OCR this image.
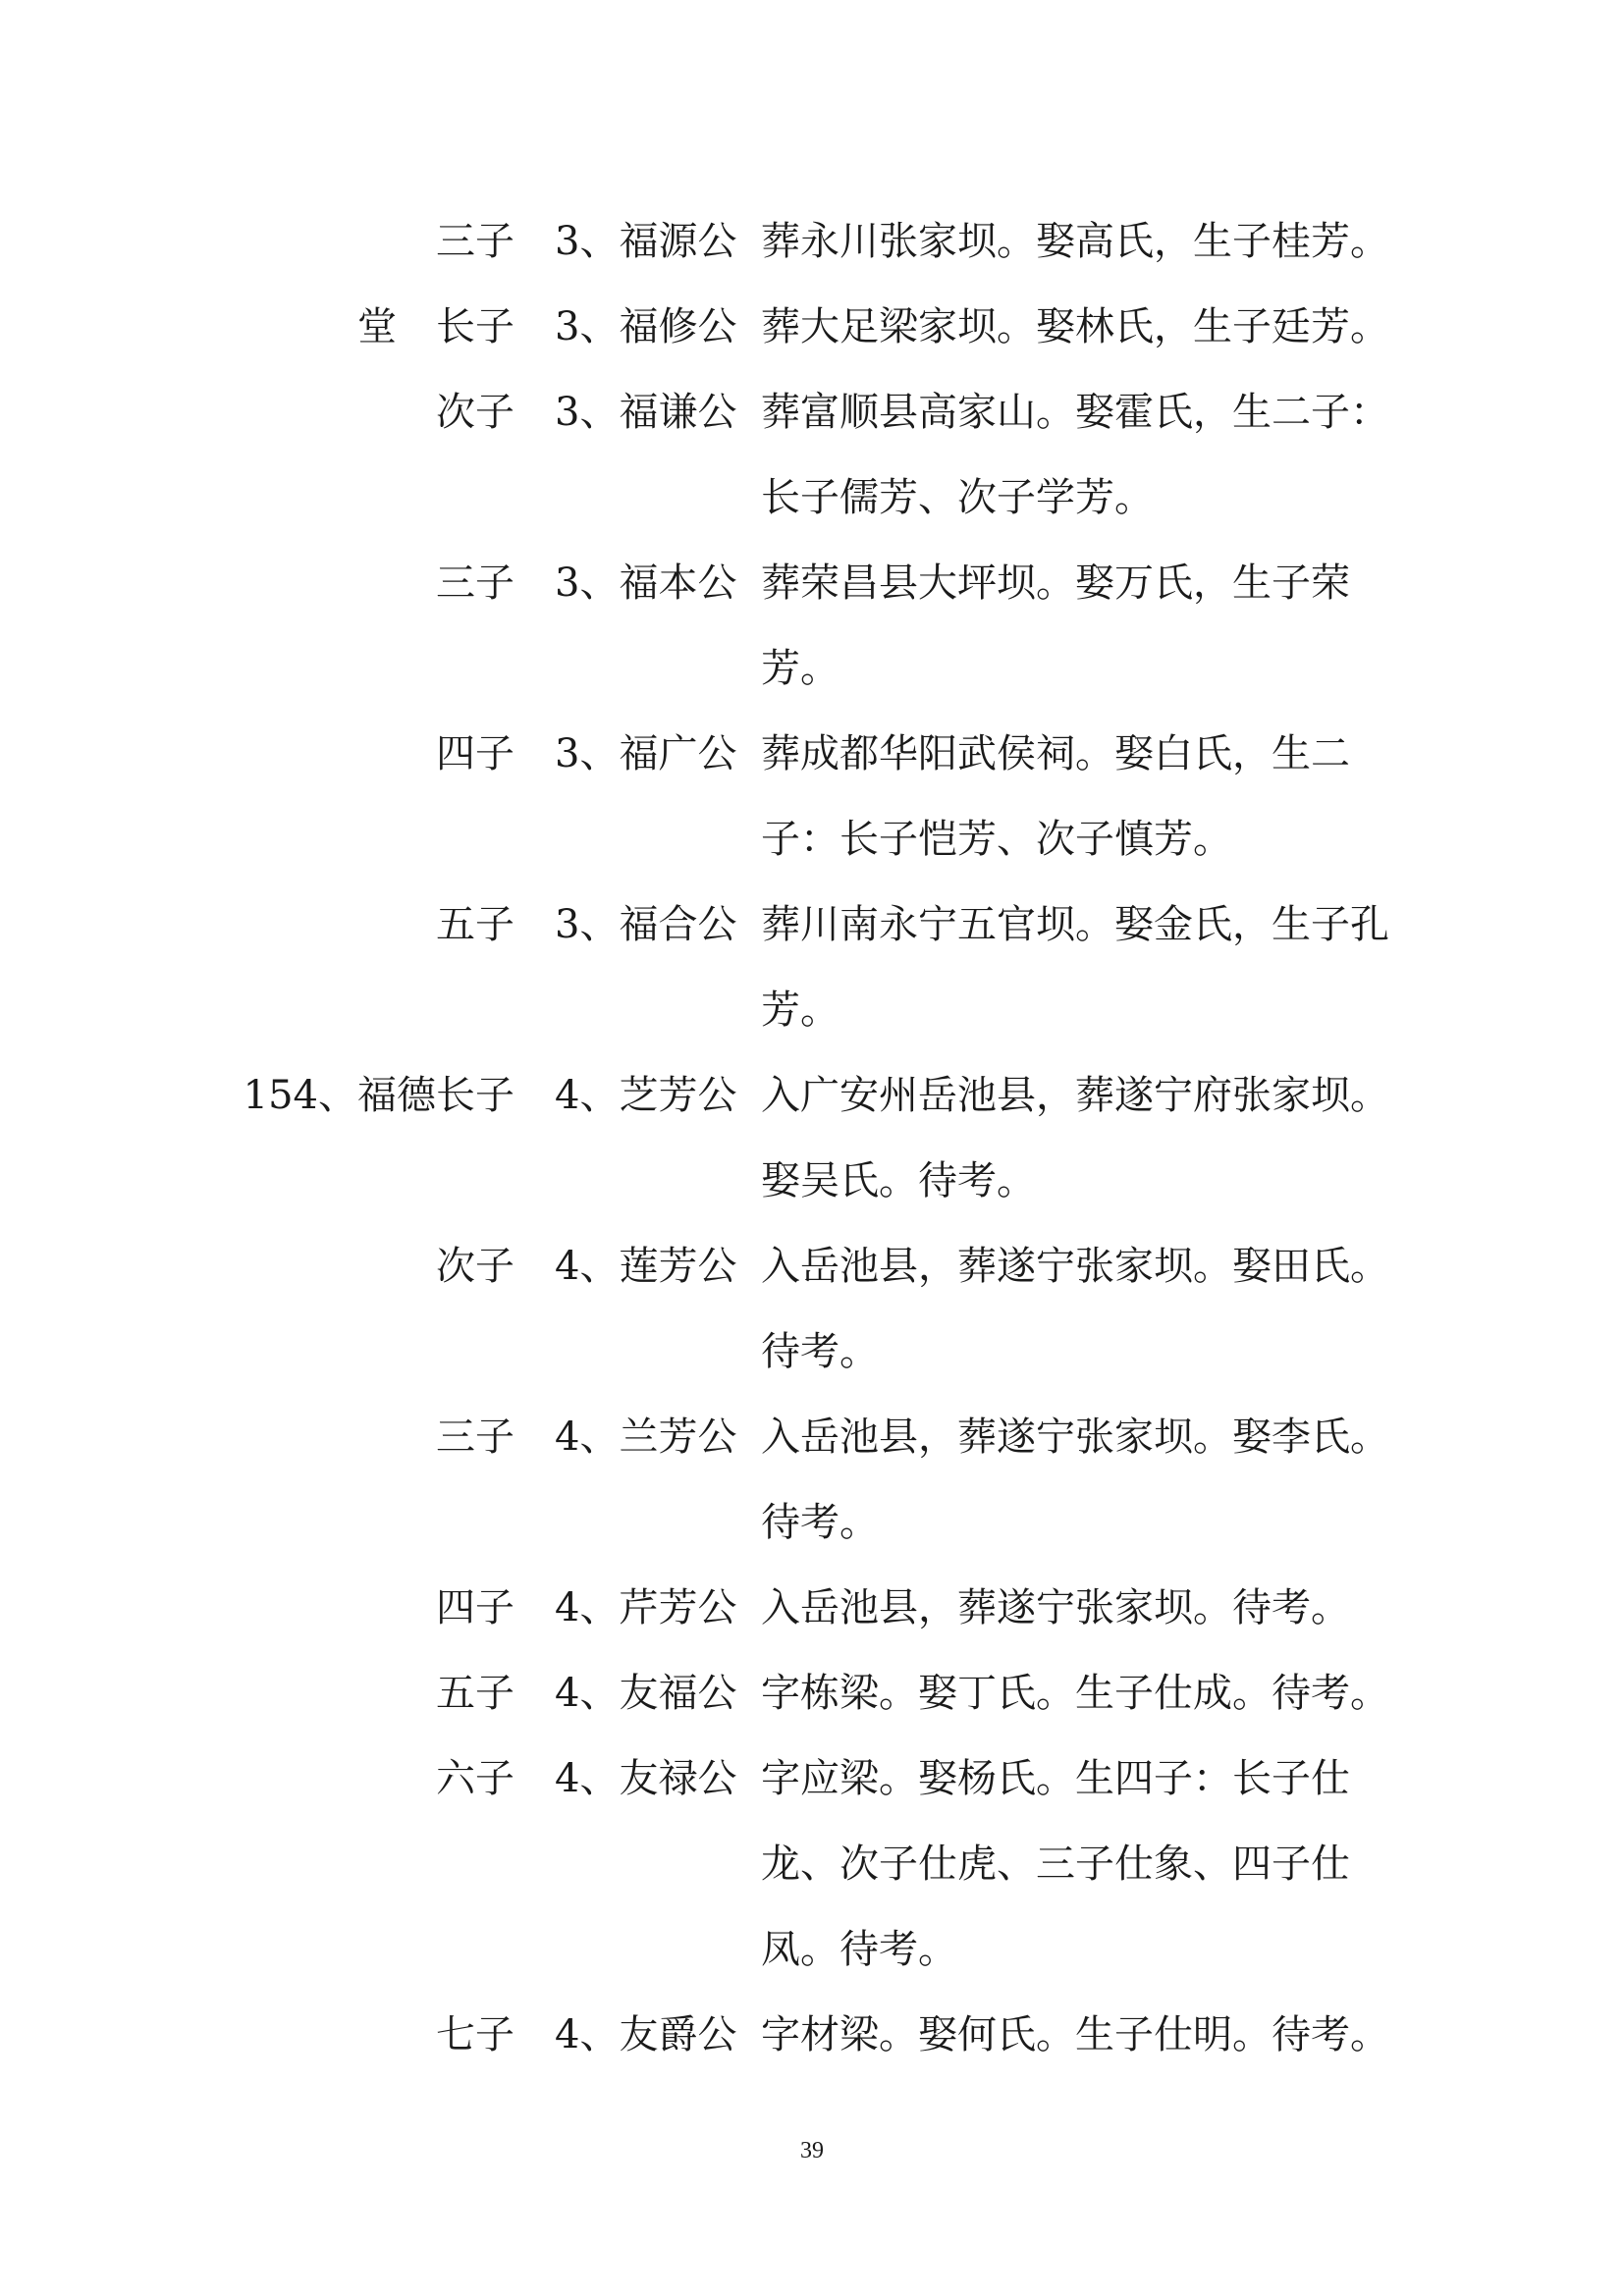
三子 3、福源公 葬永川张家坝。娶高氏，生子桂芳。
堂　长子 3、福修公 葬大足梁家坝。娶林氏，生子廷芳。
次子 3、福谦公 葬富顺县高家山。娶霍氏，生二子：长子儒芳、次子学芳。
三子 3、福本公 葬荣昌县大坪坝。娶万氏，生子荣芳。
四子 3、福广公 葬成都华阳武侯祠。娶白氏，生二子：长子恺芳、次子慎芳。
五子 3、福合公 葬川南永宁五官坝。娶金氏，生子孔芳。
154、福德长子 4、芝芳公 入广安州岳池县，葬遂宁府张家坝。娶吴氏。待考。
次子 4、莲芳公 入岳池县，葬遂宁张家坝。娶田氏。待考。
三子 4、兰芳公 入岳池县，葬遂宁张家坝。娶李氏。待考。
四子 4、芹芳公 入岳池县，葬遂宁张家坝。待考。
五子 4、友福公 字栋梁。娶丁氏。生子仕成。待考。
六子 4、友禄公 字应梁。娶杨氏。生四子：长子仕龙、次子仕虎、三子仕象、四子仕凤。待考。
七子 4、友爵公 字材梁。娶何氏。生子仕明。待考。
39
